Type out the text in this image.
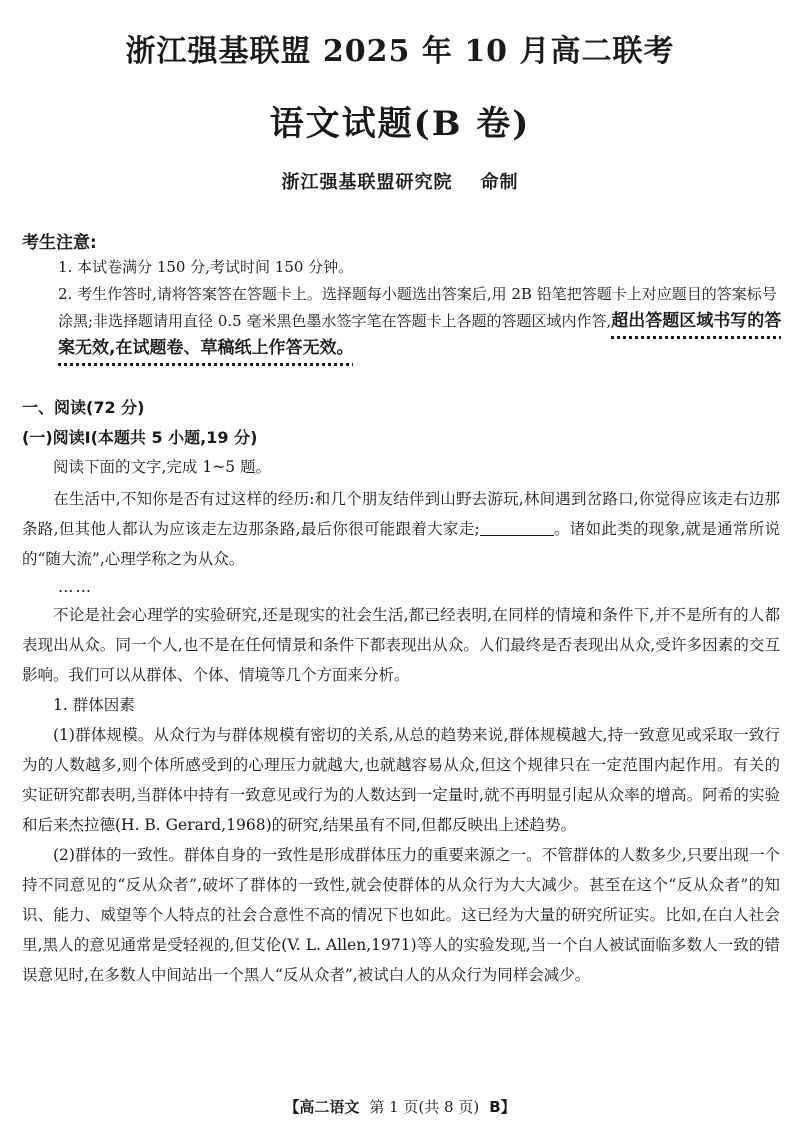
浙江强基联盟 2025 年 10 月高二联考
语文试题(B 卷)
浙江强基联盟研究院 命制
考生注意:
1. 本试卷满分 150 分,考试时间 150 分钟。
2. 考生作答时,请将答案答在答题卡上。选择题每小题选出答案后,用 2B 铅笔把答题卡上对应题目的答案标号涂黑;非选择题请用直径 0.5 毫米黑色墨水签字笔在答题卡上各题的答题区域内作答,超出答题区域书写的答案无效,在试题卷、草稿纸上作答无效。
一、阅读(72 分)
(一)阅读Ⅰ(本题共 5 小题,19 分)

阅读下面的文字,完成 1~5 题。

在生活中,不知你是否有过这样的经历:和几个朋友结伴到山野去游玩,林间遇到岔路口,你觉得应该走右边那条路,但其他人都认为应该走左边那条路,最后你很可能跟着大家走;	。诸如此类的现象,就是通常所说的“随大流”,心理学称之为从众。

……

不论是社会心理学的实验研究,还是现实的社会生活,都已经表明,在同样的情境和条件下,并不是所有的人都表现出从众。同一个人,也不是在任何情景和条件下都表现出从众。人们最终是否表现出从众,受许多因素的交互影响。我们可以从群体、个体、情境等几个方面来分析。

1. 群体因素

(1)群体规模。从众行为与群体规模有密切的关系,从总的趋势来说,群体规模越大,持一致意见或采取一致行为的人数越多,则个体所感受到的心理压力就越大,也就越容易从众,但这个规律只在一定范围内起作用。有关的实证研究都表明,当群体中持有一致意见或行为的人数达到一定量时,就不再明显引起从众率的增高。阿希的实验和后来杰拉德(H. B. Gerard,1968)的研究,结果虽有不同,但都反映出上述趋势。

(2)群体的一致性。群体自身的一致性是形成群体压力的重要来源之一。不管群体的人数多少,只要出现一个持不同意见的“反从众者”,破坏了群体的一致性,就会使群体的从众行为大大减少。甚至在这个“反从众者”的知识、能力、威望等个人特点的社会合意性不高的情况下也如此。这已经为大量的研究所证实。比如,在白人社会里,黑人的意见通常是受轻视的,但艾伦(V. L. Allen,1971)等人的实验发现,当一个白人被试面临多数人一致的错误意见时,在多数人中间站出一个黑人“反从众者”,被试白人的从众行为同样会减少。

【高二语文 第 1 页(共 8 页) B】
